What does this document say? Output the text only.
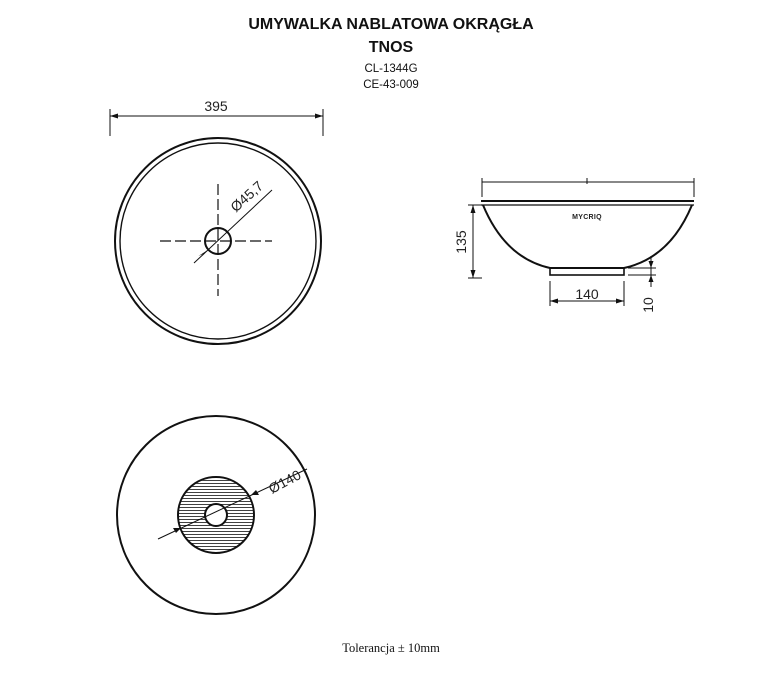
UMYWALKA NABLATOWA OKRĄGŁA
TNOS
CL-1344G
CE-43-009
395
Ø45,7
MYCRIQ
135
140
10
Ø140
Tolerancja ± 10mm
